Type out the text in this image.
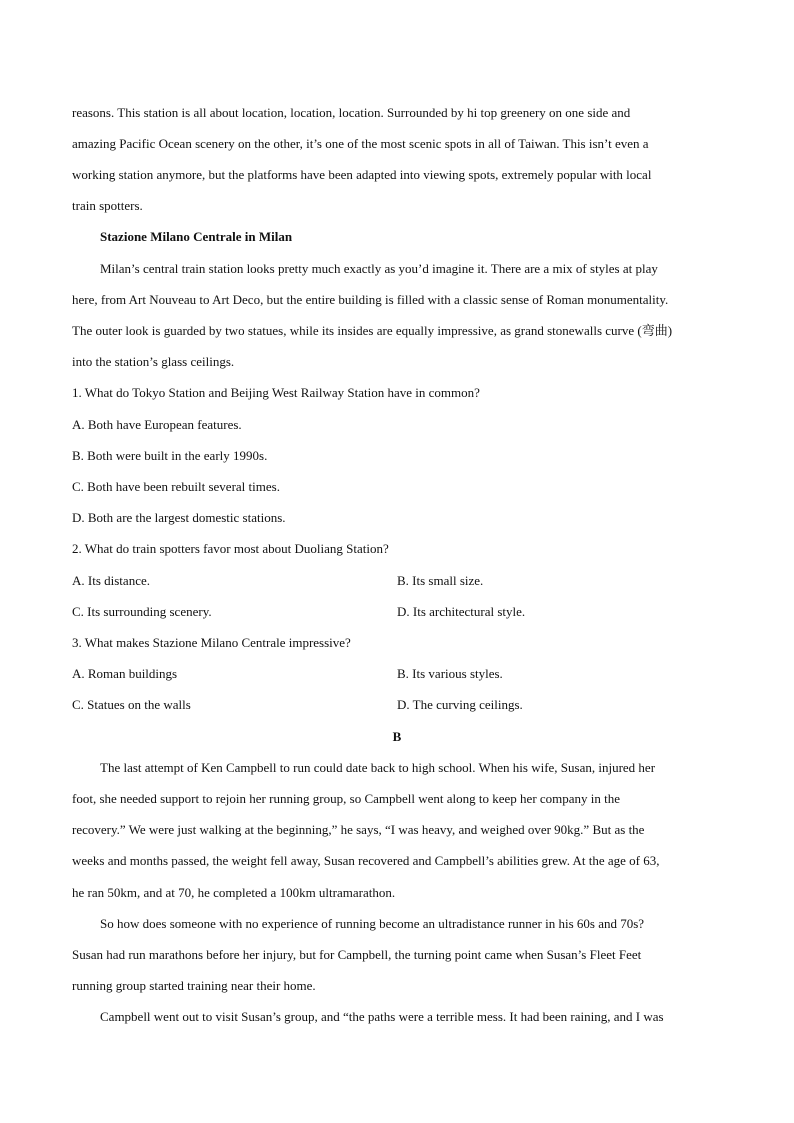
reasons. This station is all about location, location, location. Surrounded by hi top greenery on one side and
amazing Pacific Ocean scenery on the other, it’s one of the most scenic spots in all of Taiwan. This isn’t even a
working station anymore, but the platforms have been adapted into viewing spots, extremely popular with local
train spotters.
Stazione Milano Centrale in Milan
Milan’s central train station looks pretty much exactly as you’d imagine it. There are a mix of styles at play
here, from Art Nouveau to Art Deco, but the entire building is filled with a classic sense of Roman monumentality.
The outer look is guarded by two statues, while its insides are equally impressive, as grand stonewalls curve (弯曲)
into the station’s glass ceilings.
1. What do Tokyo Station and Beijing West Railway Station have in common?
A. Both have European features.
B. Both were built in the early 1990s.
C. Both have been rebuilt several times.
D. Both are the largest domestic stations.
2. What do train spotters favor most about Duoliang Station?
A. Its distance.	B. Its small size.
C. Its surrounding scenery.	D. Its architectural style.
3. What makes Stazione Milano Centrale impressive?
A. Roman buildings	B. Its various styles.
C. Statues on the walls	D. The curving ceilings.
B
The last attempt of Ken Campbell to run could date back to high school. When his wife, Susan, injured her
foot, she needed support to rejoin her running group, so Campbell went along to keep her company in the
recovery.” We were just walking at the beginning,” he says, “I was heavy, and weighed over 90kg.” But as the
weeks and months passed, the weight fell away, Susan recovered and Campbell’s abilities grew. At the age of 63,
he ran 50km, and at 70, he completed a 100km ultramarathon.
So how does someone with no experience of running become an ultradistance runner in his 60s and 70s?
Susan had run marathons before her injury, but for Campbell, the turning point came when Susan’s Fleet Feet
running group started training near their home.
Campbell went out to visit Susan’s group, and “the paths were a terrible mess. It had been raining, and I was
